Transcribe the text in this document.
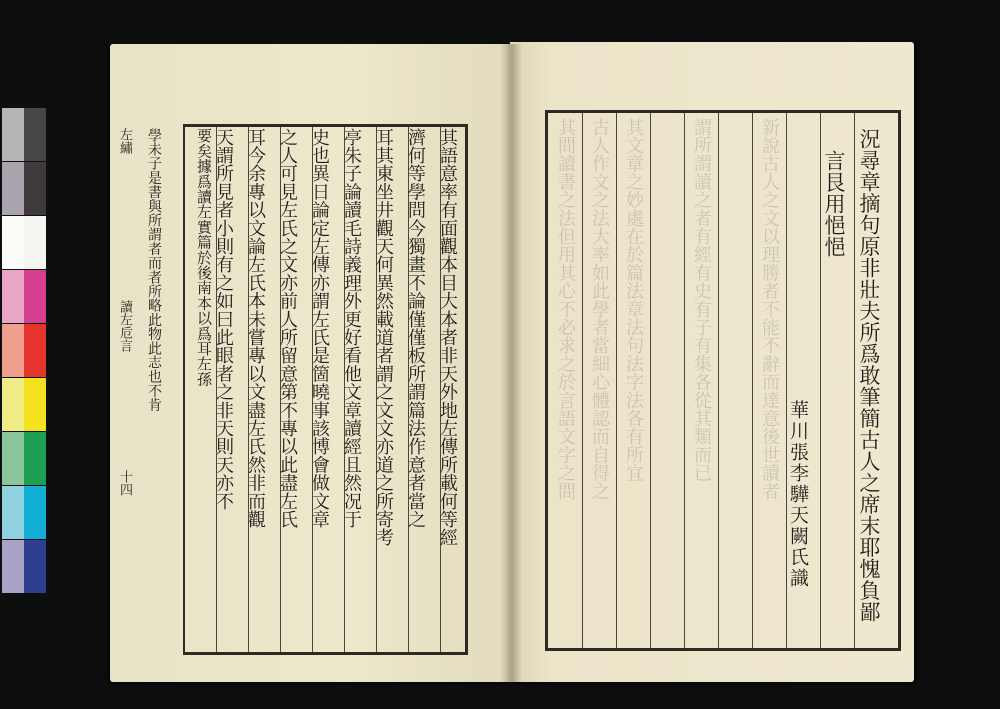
其語意率有面觀本目大本者非天外地左傳所載何等經
濟何等學問今獨畫不論僅僅板所謂篇法作意者當之
耳其東坐井觀天何異然載道者謂之文文亦道之所寄考
亭朱子論讀毛詩義理外更好看他文章讀經且然况于
史也異日論定左傳亦謂左氏是箇曉事該博會做文章
之人可見左氏之文亦前人所留意第不專以此盡左氏
耳今余專以文論左氏本未嘗專以文盡左氏然非而觀
天謂所見者小則有之如曰此眼者之非天則天亦不
要矣據爲讀左實篇於後南本以爲耳左孫
學未子是書與所謂者而者所略此物此志也不肯
左繡
讀左卮言
十四	新說古人之文以理勝者不能不辭而達意後世讀者
謂所謂讀之者有經有史有子有集各從其類而已
其文章之妙處在於篇法章法句法字法各有所宜
古人作文之法大率如此學者當細心體認而自得之
其間讀書之法但用其心不必求之於言語文字之間	況尋章摘句原非壯夫所爲敢筆簡古人之席末耶愧負鄙
言艮用悒悒
華川張李驊天闕氏識
